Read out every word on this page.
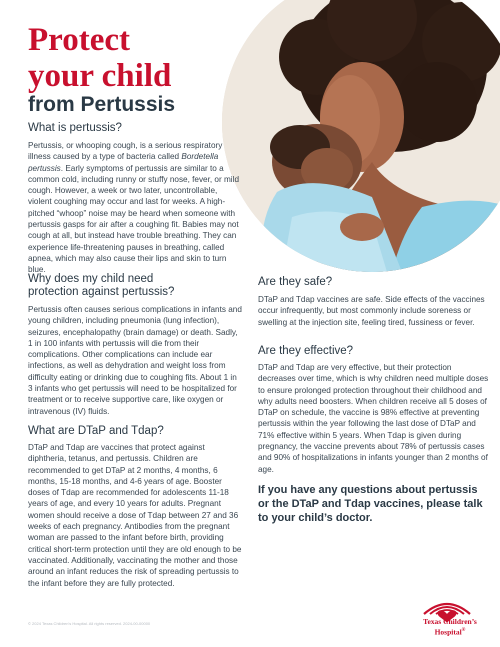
Protect
your child
from Pertussis
What is pertussis?
Pertussis, or whooping cough, is a serious respiratory illness caused by a type of bacteria called Bordetella pertussis. Early symptoms of pertussis are similar to a common cold, including runny or stuffy nose, fever, or mild cough. However, a week or two later, uncontrollable, violent coughing may occur and last for weeks. A high-pitched “whoop” noise may be heard when someone with pertussis gasps for air after a coughing fit. Babies may not cough at all, but instead have trouble breathing. They can experience life-threatening pauses in breathing, called apnea, which may also cause their lips and skin to turn blue.
Why does my child need
protection against pertussis?
Pertussis often causes serious complications in infants and young children, including pneumonia (lung infection), seizures, encephalopathy (brain damage) or death. Sadly, 1 in 100 infants with pertussis will die from their complications. Other complications can include ear infections, as well as dehydration and weight loss from difficulty eating or drinking due to coughing fits. About 1 in 3 infants who get pertussis will need to be hospitalized for treatment or to receive supportive care, like oxygen or intravenous (IV) fluids.
What are DTaP and Tdap?
DTaP and Tdap are vaccines that protect against diphtheria, tetanus, and pertussis. Children are recommended to get DTaP at 2 months, 4 months, 6 months, 15-18 months, and 4-6 years of age. Booster doses of Tdap are recommended for adolescents 11-18 years of age, and every 10 years for adults. Pregnant women should receive a dose of Tdap between 27 and 36 weeks of each pregnancy. Antibodies from the pregnant woman are passed to the infant before birth, providing critical short-term protection until they are old enough to be vaccinated. Additionally, vaccinating the mother and those around an infant reduces the risk of spreading pertussis to the infant before they are fully protected.
Are they safe?
DTaP and Tdap vaccines are safe. Side effects of the vaccines occur infrequently, but most commonly include soreness or swelling at the injection site, feeling tired, fussiness or fever.
Are they effective?
DTaP and Tdap are very effective, but their protection decreases over time, which is why children need multiple doses to ensure prolonged protection throughout their childhood and why adults need boosters. When children receive all 5 doses of DTaP on schedule, the vaccine is 98% effective at preventing pertussis within the year following the last dose of DTaP and 71% effective within 5 years. When Tdap is given during pregnancy, the vaccine prevents about 78% of pertussis cases and 90% of hospitalizations in infants younger than 2 months of age.
If you have any questions about pertussis or the DTaP and Tdap vaccines, please talk to your child’s doctor.
© 2024 Texas Children's Hospital. All rights reserved. 2024-00-00000	Texas Children’s
Hospital®
